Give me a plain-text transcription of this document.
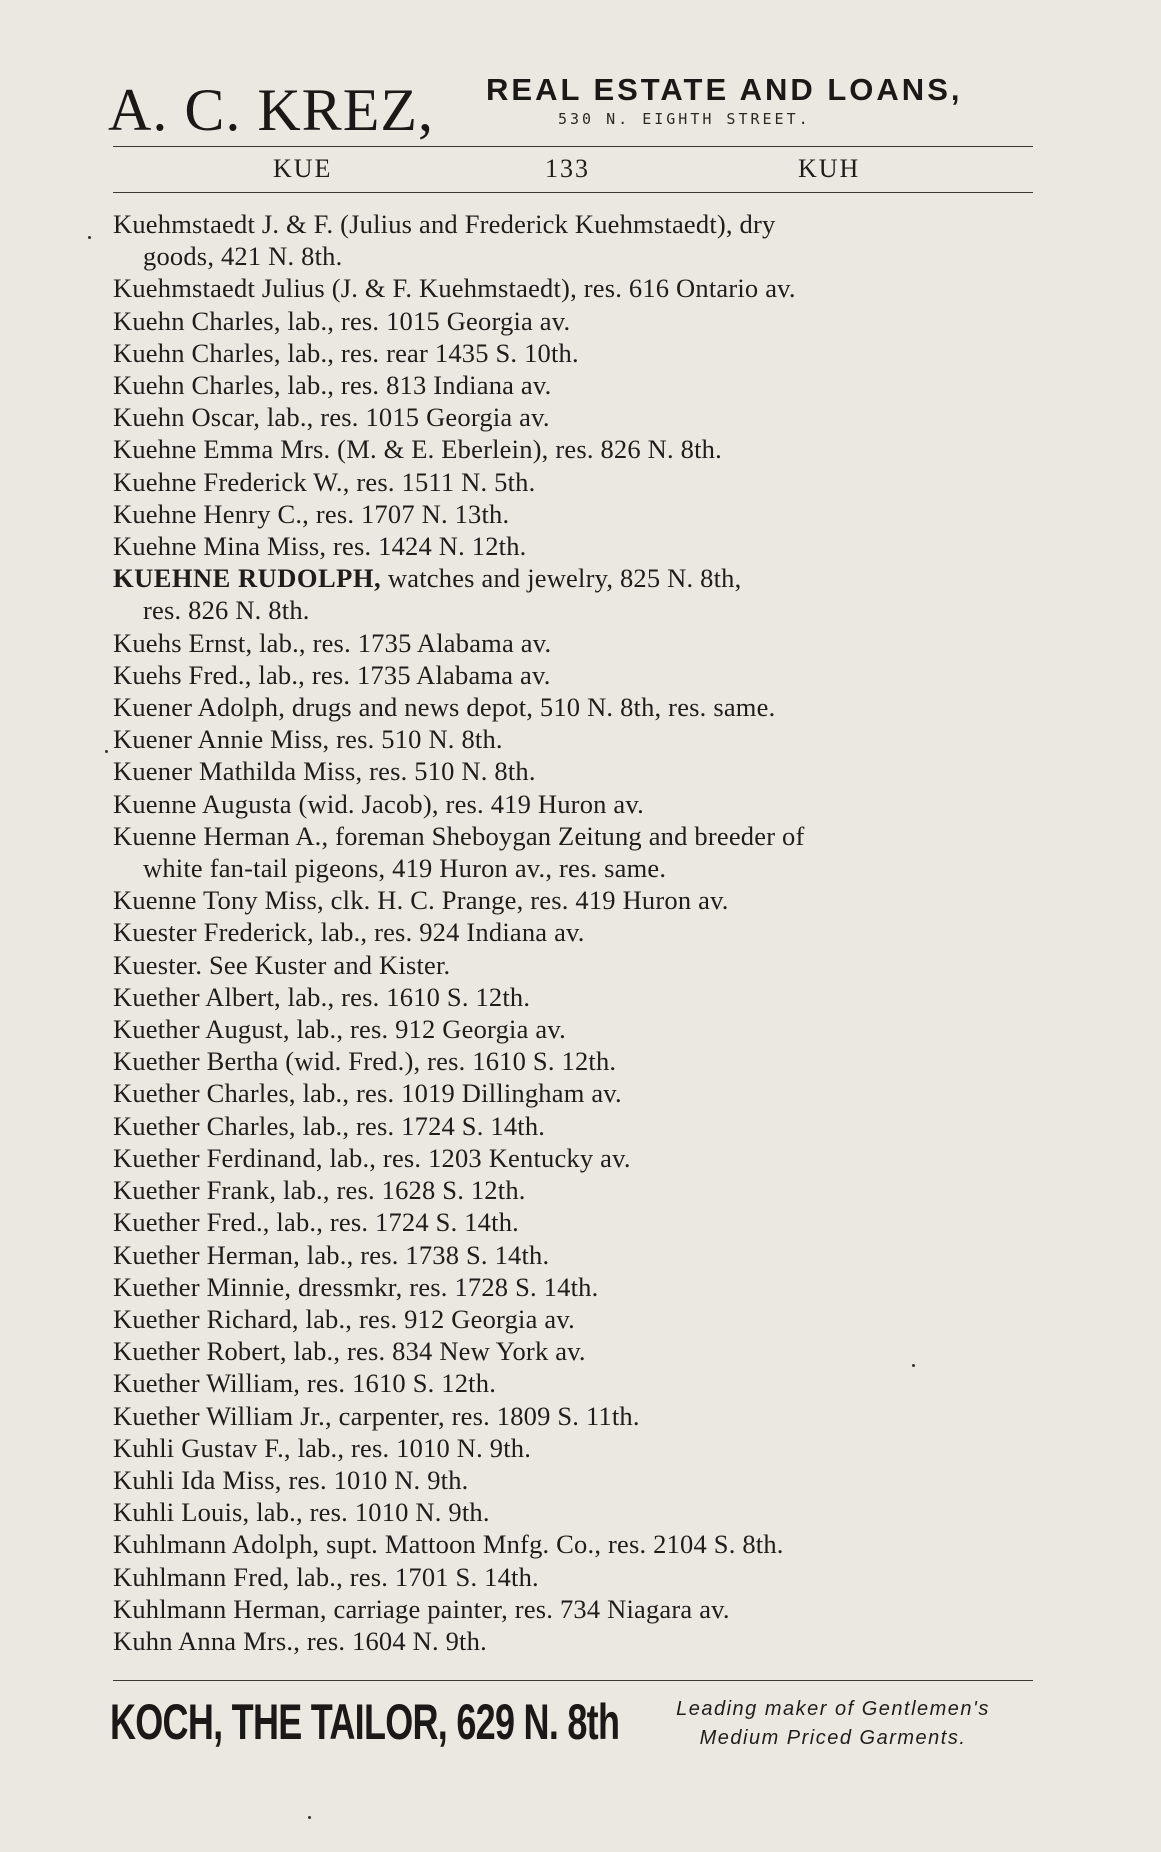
A. C. KREZ, REAL ESTATE AND LOANS,
530 N. EIGHTH STREET.
KUE	133	KUH
Kuehmstaedt J. & F. (Julius and Frederick Kuehmstaedt), dry
goods, 421 N. 8th.
Kuehmstaedt Julius (J. & F. Kuehmstaedt), res. 616 Ontario av.
Kuehn Charles, lab., res. 1015 Georgia av.
Kuehn Charles, lab., res. rear 1435 S. 10th.
Kuehn Charles, lab., res. 813 Indiana av.
Kuehn Oscar, lab., res. 1015 Georgia av.
Kuehne Emma Mrs. (M. & E. Eberlein), res. 826 N. 8th.
Kuehne Frederick W., res. 1511 N. 5th.
Kuehne Henry C., res. 1707 N. 13th.
Kuehne Mina Miss, res. 1424 N. 12th.
KUEHNE RUDOLPH, watches and jewelry, 825 N. 8th,
res. 826 N. 8th.
Kuehs Ernst, lab., res. 1735 Alabama av.
Kuehs Fred., lab., res. 1735 Alabama av.
Kuener Adolph, drugs and news depot, 510 N. 8th, res. same.
Kuener Annie Miss, res. 510 N. 8th.
Kuener Mathilda Miss, res. 510 N. 8th.
Kuenne Augusta (wid. Jacob), res. 419 Huron av.
Kuenne Herman A., foreman Sheboygan Zeitung and breeder of
white fan-tail pigeons, 419 Huron av., res. same.
Kuenne Tony Miss, clk. H. C. Prange, res. 419 Huron av.
Kuester Frederick, lab., res. 924 Indiana av.
Kuester. See Kuster and Kister.
Kuether Albert, lab., res. 1610 S. 12th.
Kuether August, lab., res. 912 Georgia av.
Kuether Bertha (wid. Fred.), res. 1610 S. 12th.
Kuether Charles, lab., res. 1019 Dillingham av.
Kuether Charles, lab., res. 1724 S. 14th.
Kuether Ferdinand, lab., res. 1203 Kentucky av.
Kuether Frank, lab., res. 1628 S. 12th.
Kuether Fred., lab., res. 1724 S. 14th.
Kuether Herman, lab., res. 1738 S. 14th.
Kuether Minnie, dressmkr, res. 1728 S. 14th.
Kuether Richard, lab., res. 912 Georgia av.
Kuether Robert, lab., res. 834 New York av.
Kuether William, res. 1610 S. 12th.
Kuether William Jr., carpenter, res. 1809 S. 11th.
Kuhli Gustav F., lab., res. 1010 N. 9th.
Kuhli Ida Miss, res. 1010 N. 9th.
Kuhli Louis, lab., res. 1010 N. 9th.
Kuhlmann Adolph, supt. Mattoon Mnfg. Co., res. 2104 S. 8th.
Kuhlmann Fred, lab., res. 1701 S. 14th.
Kuhlmann Herman, carriage painter, res. 734 Niagara av.
Kuhn Anna Mrs., res. 1604 N. 9th.
KOCH, THE TAILOR, 629 N. 8th	Leading maker of Gentlemen's
Medium Priced Garments.
